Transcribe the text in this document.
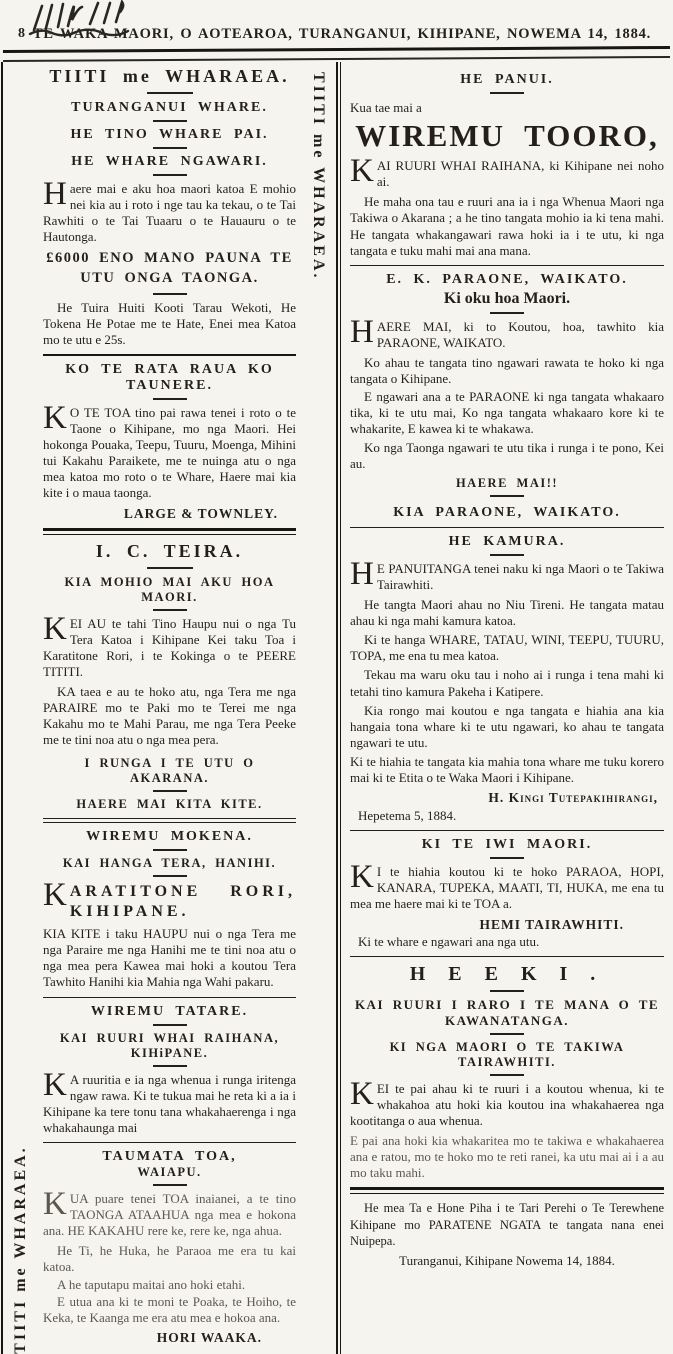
8 TE WAKA MAORI, O AOTEAROA, TURANGANUI, KIHIPANE, NOWEMA 14, 1884.
TIITI me WHARAEA.
TIITI me WHARAEA.
TURANGANUI WHARE.
HE TINO WHARE PAI.
HE WHARE NGAWARI.

Haere mai e aku hoa maori katoa E mohio nei kia au i roto i nge tau ka tekau, o te Tai Rawhiti o te Tai Tuaaru o te Hauauru o te Hautonga.

£6000 ENO MANO PAUNA TE UTU ONGA TAONGA.

He Tuira Huiti Kooti Tarau Wekoti, He Tokena He Potae me te Hate, Enei mea Katoa mo te utu e 25s.

KO TE RATA RAUA KO TAUNERE.

K O TE TOA tino pai rawa tenei i roto o te Taone o Kihipane, mo nga Maori. Hei hokonga Pouaka, Teepu, Tuuru, Moenga, Mihini tui Kakahu Paraikete, me te nuinga atu o nga mea katoa mo roto o te Whare, Haere mai kia kite i o maua taonga.

LARGE & TOWNLEY.

I. C. TEIRA.
KIA MOHIO MAI AKU HOA MAORI.

KEI AU te tahi Tino Haupu nui o nga Tu Tera Katoa i Kihipane Kei taku Toa i Karatitone Rori, i te Kokinga o te PEERE TITITI.

KA taea e au te hoko atu, nga Tera me nga PARAIRE mo te Paki mo te Terei me nga Kakahu mo te Mahi Parau, me nga Tera Peeke me te tini noa atu o nga mea pera.

I RUNGA I TE UTU O AKARANA.
HAERE MAI KITA KITE.
WIREMU MOKENA.
KAI HANGA TERA, HANIHI.

KARATITONE RORI, KIHIPANE.

KIA KITE i taku HAUPU nui o nga Tera me nga Paraire me nga Hanihi me te tini noa atu o nga mea pera Kawea mai hoki a koutou Tera Tawhito Hanihi kia Mahia nga Wahi pakaru.

WIREMU TATARE.
KAI RUURI WHAI RAIHANA, KIHiPANE.

K A ruuritia e ia nga whenua i runga iritenga ngaw rawa. Ki te tukua mai he reta ki a ia i Kihipane ka tere tonu tana whakahaerenga i nga whakahaunga mai

TAUMATA TOA,
WAIAPU.

KUA puare tenei TOA inaianei, a te tino TAONGA ATAAHUA nga mea e hokona ana. HE KAKAHU rere ke, rere ke, nga ahua.

He Ti, he Huka, he Paraoa me era tu kai katoa.

A he taputapu maitai ano hoki etahi.

E utua ana ki te moni te Poaka, te Hoiho, te Keka, te Kaanga me era atu mea e hokoa ana.

HORI WAAKA.

TIITI me WHARAEA.	HE PANUI.

Kua tae mai a

WIREMU TOORO,

KAI RUURI WHAI RAIHANA, ki Kihipane nei noho ai.

He maha ona tau e ruuri ana ia i nga Whenua Maori nga Takiwa o Akarana ; a he tino tangata mohio ia ki tena mahi. He tangata whakangawari rawa hoki ia i te utu, ki nga tangata e tuku mahi mai ana mana.

E. K. PARAONE, WAIKATO.
Ki oku hoa Maori.

HAERE MAI, ki to Koutou, hoa, tawhito kia PARAONE, WAIKATO.

Ko ahau te tangata tino ngawari rawata te hoko ki nga tangata o Kihipane.

E ngawari ana a te PARAONE ki nga tangata whakaaro tika, ki te utu mai, Ko nga tangata whakaaro kore ki te whakarite, E kawea ki te whakawa.

Ko nga Taonga ngawari te utu tika i runga i te pono, Kei au.

HAERE MAI!!

KIA PARAONE, WAIKATO.
HE KAMURA.

H E PANUITANGA tenei naku ki nga Maori o te Takiwa Tairawhiti.

He tangta Maori ahau no Niu Tireni. He tangata matau ahau ki nga mahi kamura katoa.

Ki te hanga WHARE, TATAU, WINI, TEEPU, TUURU, TOPA, me ena tu mea katoa.

Tekau ma waru oku tau i noho ai i runga i tena mahi ki tetahi tino kamura Pakeha i Katipere.

Kia rongo mai koutou e nga tangata e hiahia ana kia hangaia tona whare ki te utu ngawari, ko ahau te tangata ngawari te utu.

Ki te hiahia te tangata kia mahia tona whare me tuku korero mai ki te Etita o te Waka Maori i Kihipane.

H. Kingi Tutepakihirangi,

Hepetema 5, 1884.

KI TE IWI MAORI.

K I te hiahia koutou ki te hoko PARAOA, HOPI, KANARA, TUPEKA, MAATI, TI, HUKA, me ena tu mea me haere mai ki te TOA a.

HEMI TAIRAWHITI.

Ki te whare e ngawari ana nga utu.

H E E K I .
KAI RUURI I RARO I TE MANA O TE KAWANATANGA.
KI NGA MAORI O TE TAKIWA TAIRAWHITI.

KEI te pai ahau ki te ruuri i a koutou whenua, ki te whakahoa atu hoki kia koutou ina whakahaerea nga kootitanga o aua whenua.

E pai ana hoki kia whakaritea mo te takiwa e whakahaerea ana e ratou, mo te hoko mo te reti ranei, ka utu mai ai i a au mo taku mahi.

He mea Ta e Hone Piha i te Tari Perehi o Te Terewhene Kihipane mo PARATENE NGATA te tangata nana enei Nuipepa.

Turanganui, Kihipane Nowema 14, 1884.
